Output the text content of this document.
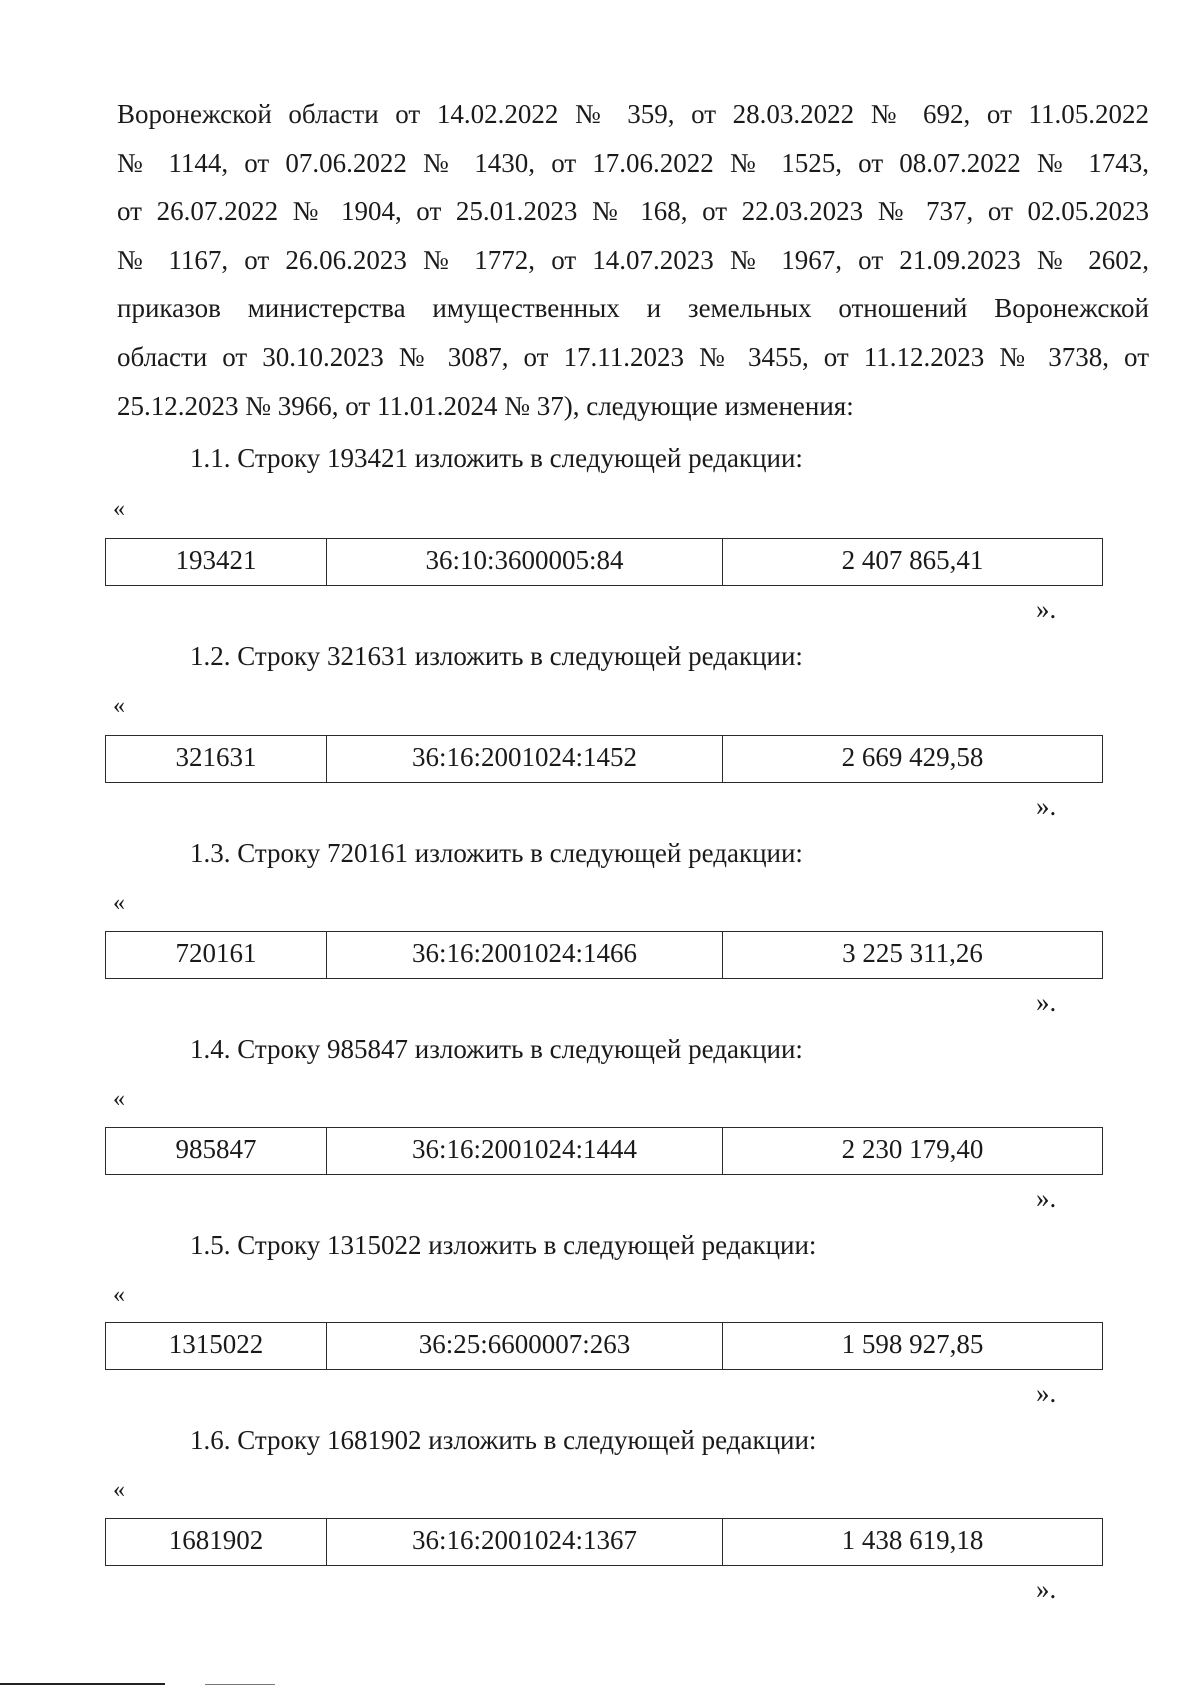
Воронежской области от 14.02.2022 № 359, от 28.03.2022 № 692, от 11.05.2022
№ 1144, от 07.06.2022 № 1430, от 17.06.2022 № 1525, от 08.07.2022 № 1743,
от 26.07.2022 № 1904, от 25.01.2023 № 168, от 22.03.2023 № 737, от 02.05.2023
№ 1167, от 26.06.2023 № 1772, от 14.07.2023 № 1967, от 21.09.2023 № 2602,
приказов министерства имущественных и земельных отношений Воронежской
области от 30.10.2023 № 3087, от 17.11.2023 № 3455, от 11.12.2023 № 3738, от
25.12.2023 № 3966, от 11.01.2024 № 37), следующие изменения:

1.1. Строку 193421 изложить в следующей редакции:
«
193421	36:10:3600005:84	2 407 865,41
».
1.2. Строку 321631 изложить в следующей редакции:
«
321631	36:16:2001024:1452	2 669 429,58
».
1.3. Строку 720161 изложить в следующей редакции:
«
720161	36:16:2001024:1466	3 225 311,26
».
1.4. Строку 985847 изложить в следующей редакции:
«
985847	36:16:2001024:1444	2 230 179,40
».
1.5. Строку 1315022 изложить в следующей редакции:
«
1315022	36:25:6600007:263	1 598 927,85
».
1.6. Строку 1681902 изложить в следующей редакции:
«
1681902	36:16:2001024:1367	1 438 619,18
».
